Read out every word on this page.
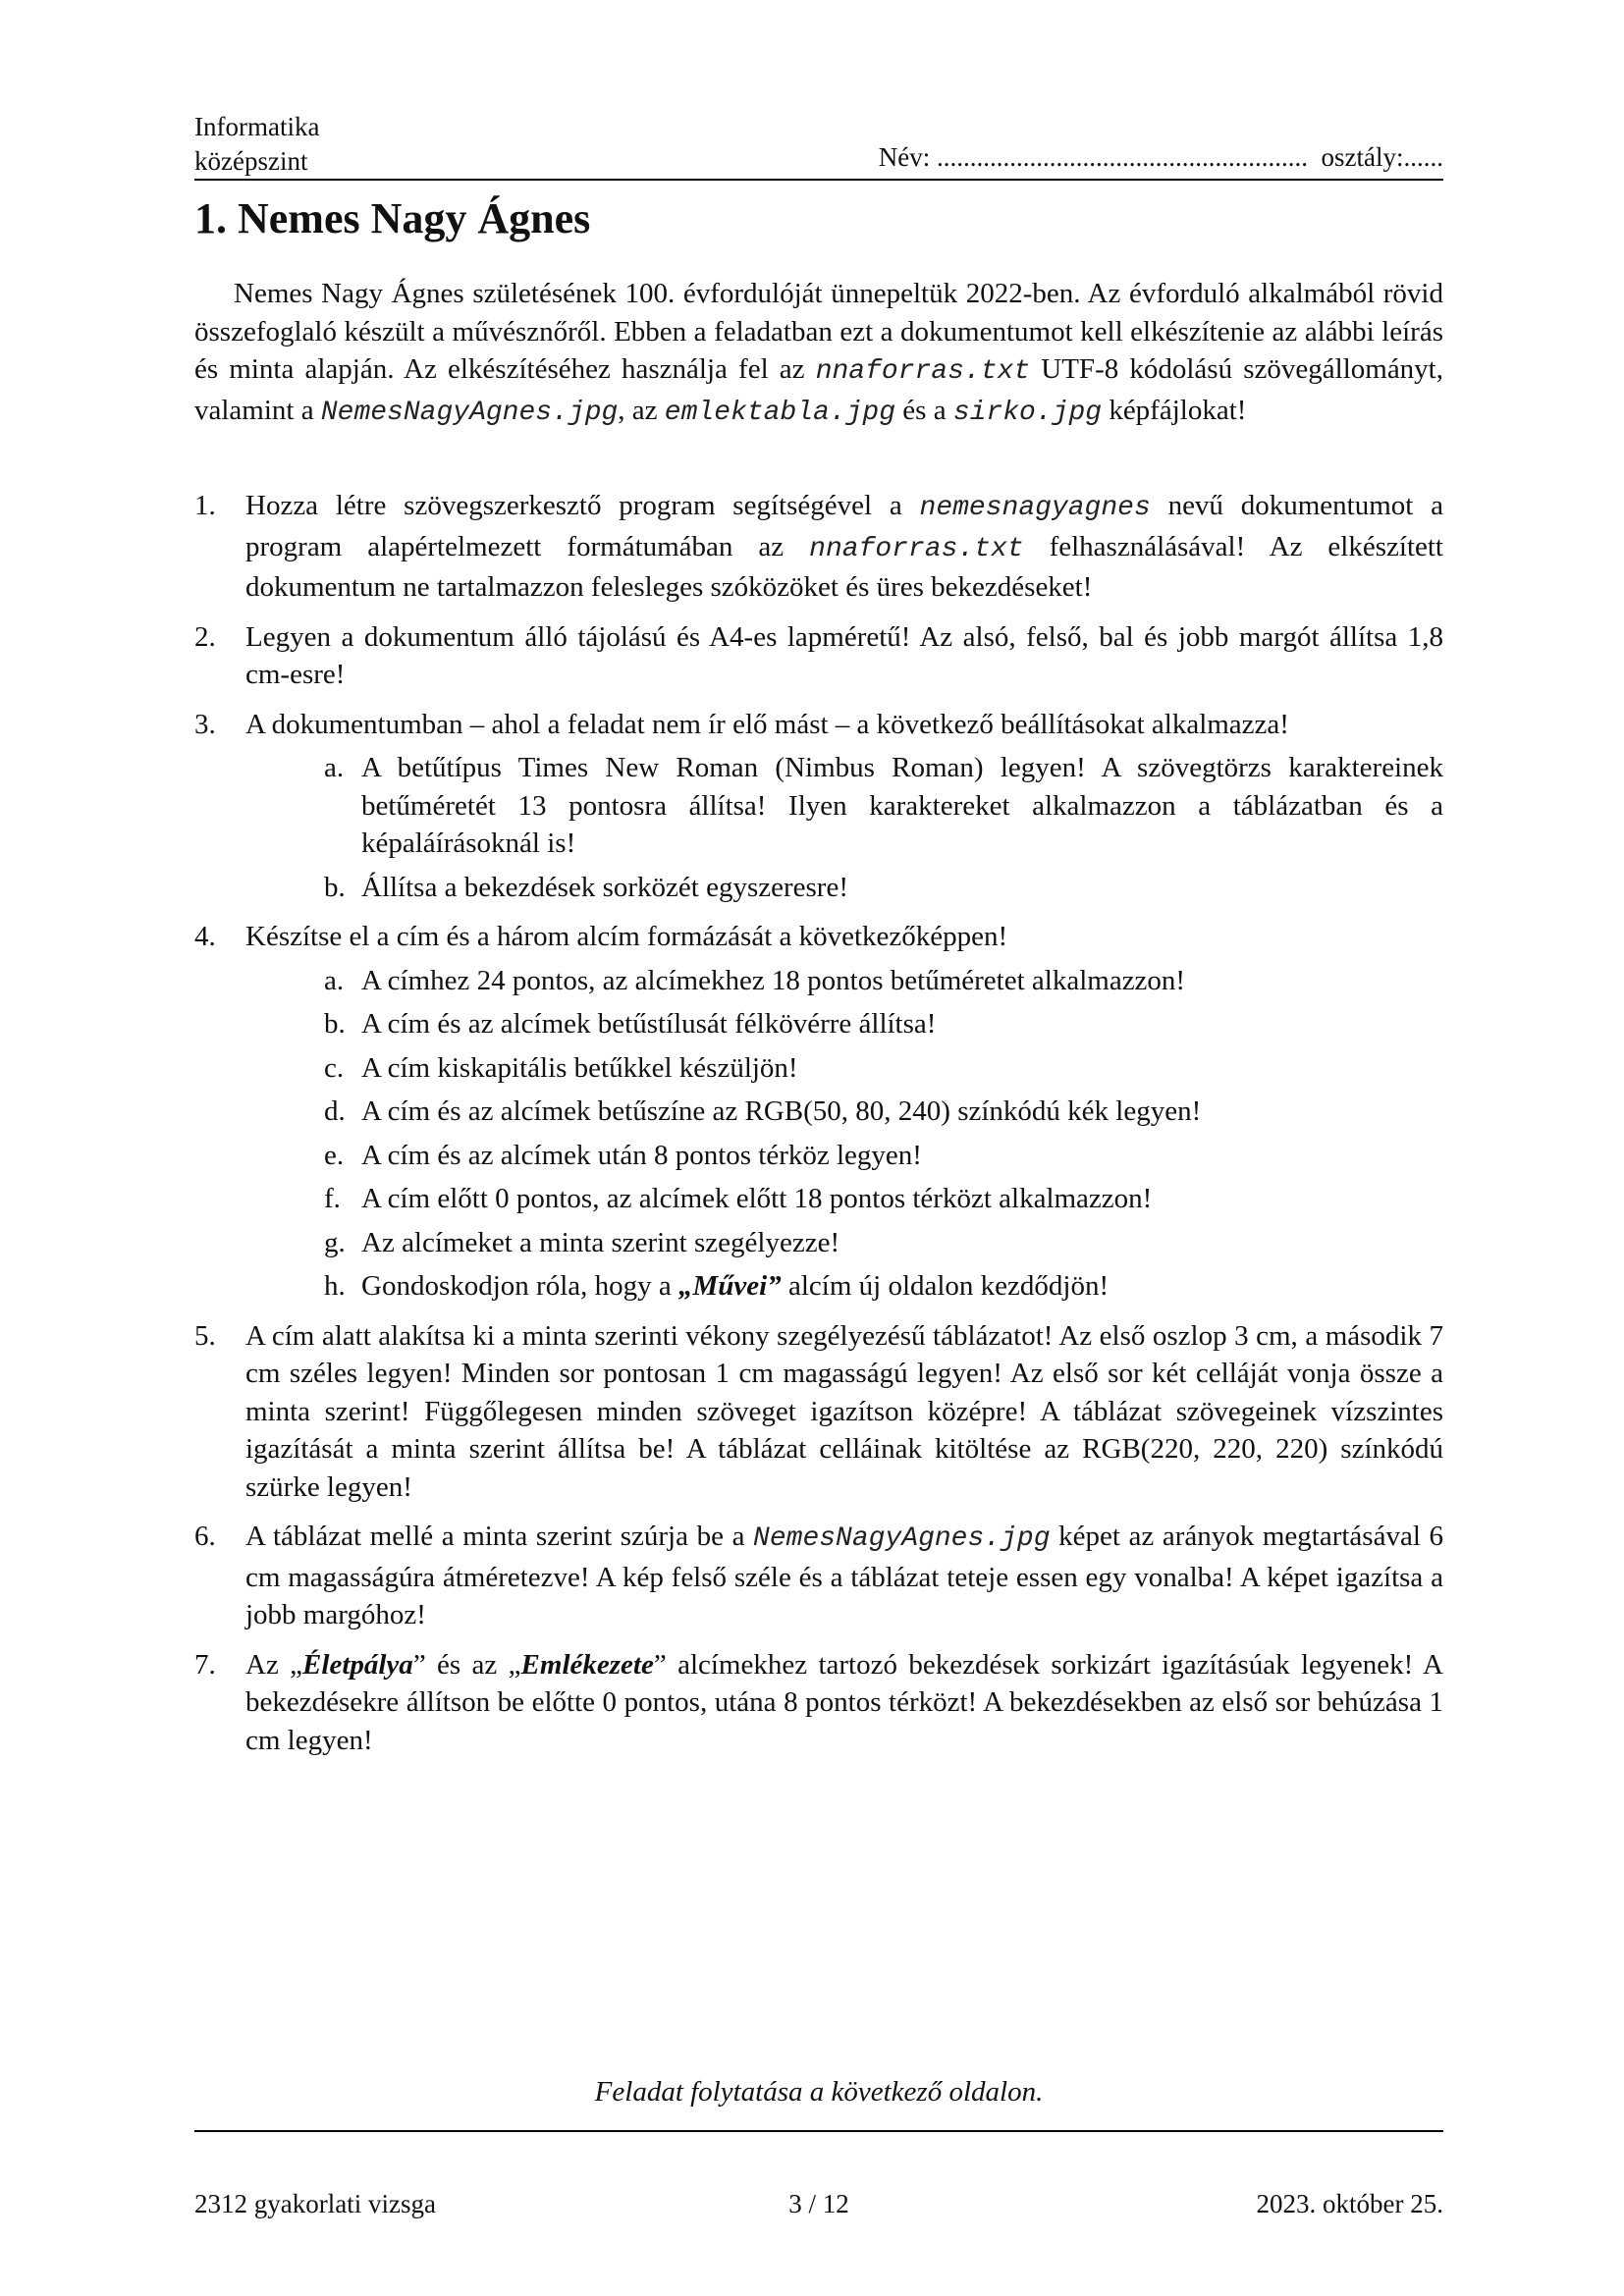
Informatika
középszint	Név: ........................................................ osztály:......
1. Nemes Nagy Ágnes

Nemes Nagy Ágnes születésének 100. évfordulóját ünnepeltük 2022-ben. Az évforduló alkalmából rövid összefoglaló készült a művésznőről. Ebben a feladatban ezt a dokumentumot kell elkészítenie az alábbi leírás és minta alapján. Az elkészítéséhez használja fel az nnaforras.txt UTF-8 kódolású szövegállományt, valamint a NemesNagyAgnes.jpg, az emlektabla.jpg és a sirko.jpg képfájlokat!

1. Hozza létre szövegszerkesztő program segítségével a nemesnagyagnes nevű dokumentumot a program alapértelmezett formátumában az nnaforras.txt felhasználásával! Az elkészített dokumentum ne tartalmazzon felesleges szóközöket és üres bekezdéseket!
2. Legyen a dokumentum álló tájolású és A4-es lapméretű! Az alsó, felső, bal és jobb margót állítsa 1,8 cm-esre!
3. A dokumentumban – ahol a feladat nem ír elő mást – a következő beállításokat alkalmazza!
a. A betűtípus Times New Roman (Nimbus Roman) legyen! A szövegtörzs karaktereinek betűméretét 13 pontosra állítsa! Ilyen karaktereket alkalmazzon a táblázatban és a képaláírásoknál is!
b. Állítsa a bekezdések sorközét egyszeresre!
4. Készítse el a cím és a három alcím formázását a következőképpen!
a. A címhez 24 pontos, az alcímekhez 18 pontos betűméretet alkalmazzon!
b. A cím és az alcímek betűstílusát félkövérre állítsa!
c. A cím kiskapitális betűkkel készüljön!
d. A cím és az alcímek betűszíne az RGB(50, 80, 240) színkódú kék legyen!
e. A cím és az alcímek után 8 pontos térköz legyen!
f. A cím előtt 0 pontos, az alcímek előtt 18 pontos térközt alkalmazzon!
g. Az alcímeket a minta szerint szegélyezze!
h. Gondoskodjon róla, hogy a „Művei” alcím új oldalon kezdődjön!
5. A cím alatt alakítsa ki a minta szerinti vékony szegélyezésű táblázatot! Az első oszlop 3 cm, a második 7 cm széles legyen! Minden sor pontosan 1 cm magasságú legyen! Az első sor két celláját vonja össze a minta szerint! Függőlegesen minden szöveget igazítson középre! A táblázat szövegeinek vízszintes igazítását a minta szerint állítsa be! A táblázat celláinak kitöltése az RGB(220, 220, 220) színkódú szürke legyen!
6. A táblázat mellé a minta szerint szúrja be a NemesNagyAgnes.jpg képet az arányok megtartásával 6 cm magasságúra átméretezve! A kép felső széle és a táblázat teteje essen egy vonalba! A képet igazítsa a jobb margóhoz!
7. Az „Életpálya” és az „Emlékezete” alcímekhez tartozó bekezdések sorkizárt igazításúak legyenek! A bekezdésekre állítson be előtte 0 pontos, utána 8 pontos térközt! A bekezdésekben az első sor behúzása 1 cm legyen!
Feladat folytatása a következő oldalon.
2312 gyakorlati vizsga	3 / 12	2023. október 25.
